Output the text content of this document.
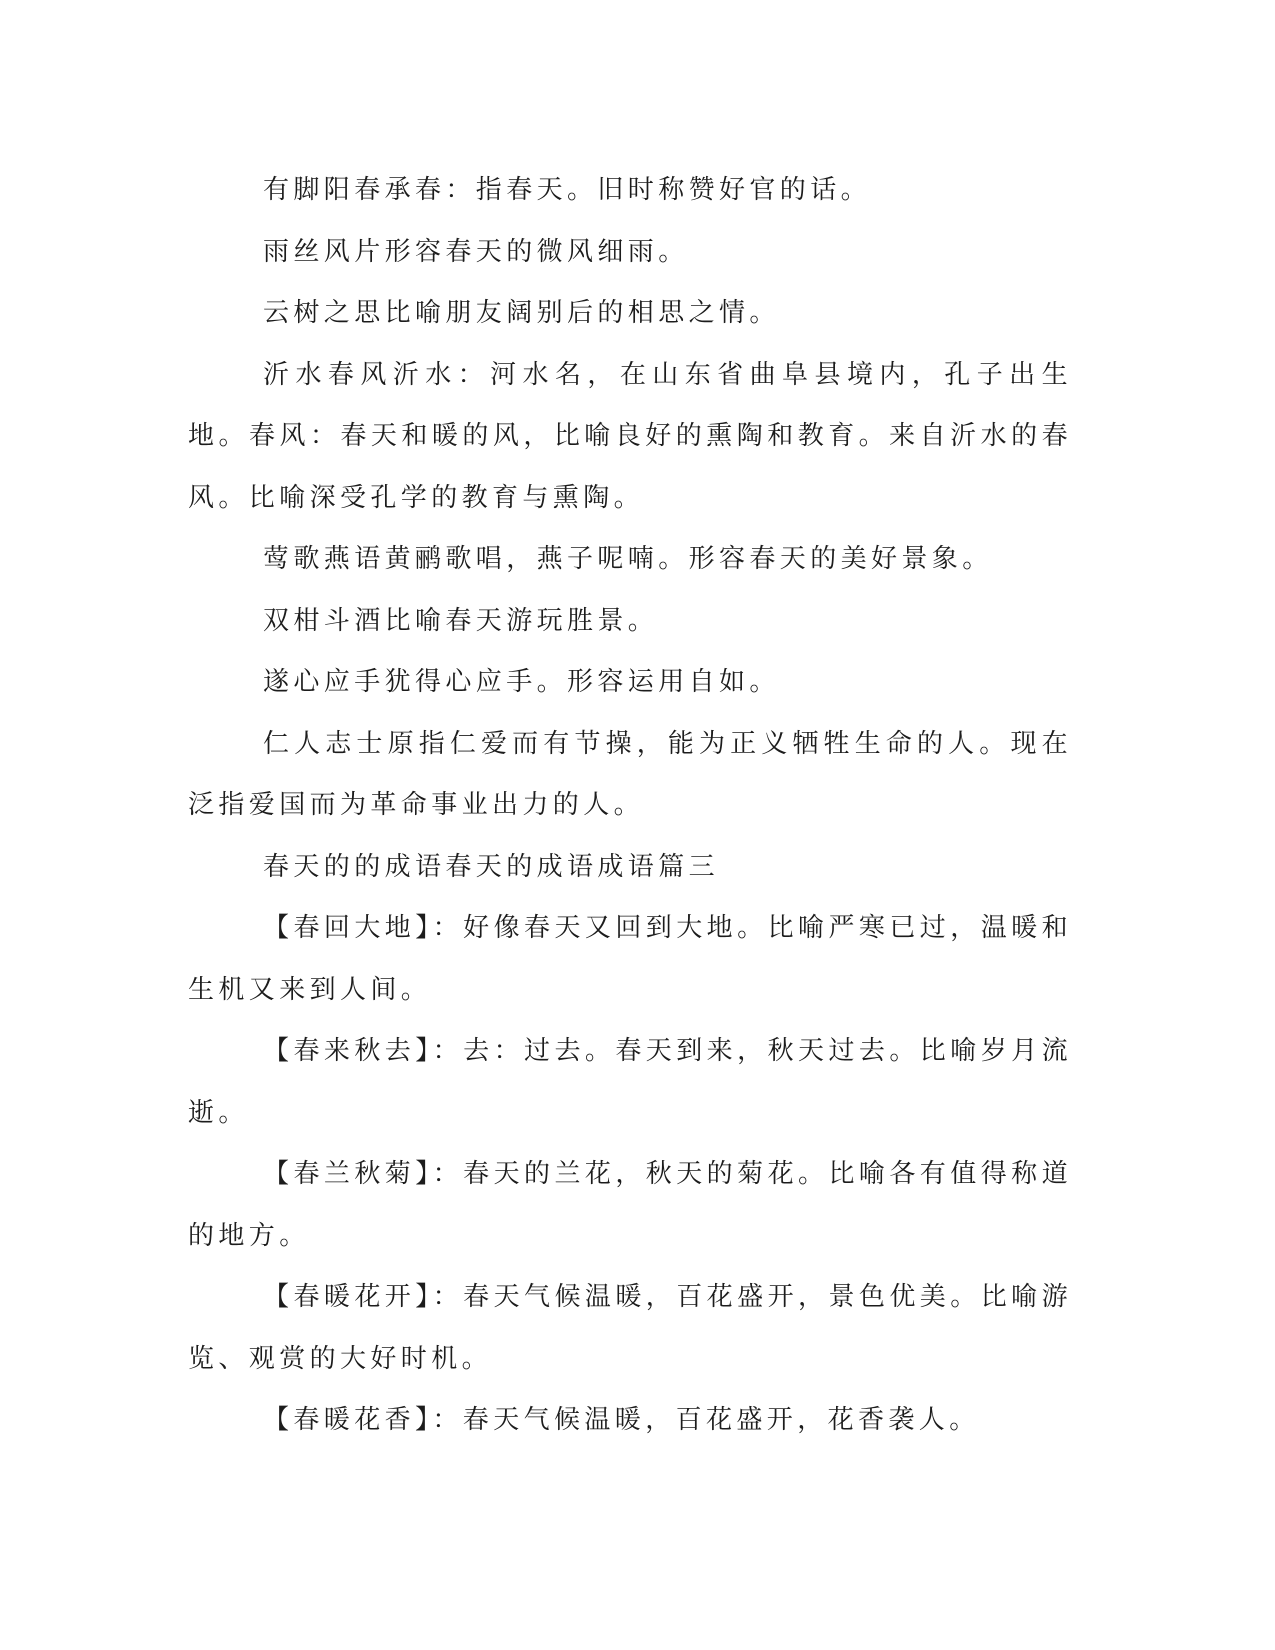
有脚阳春承春：指春天。旧时称赞好官的话。

雨丝风片形容春天的微风细雨。

云树之思比喻朋友阔别后的相思之情。

沂水春风沂水：河水名，在山东省曲阜县境内，孔子出生地。春风：春天和暖的风，比喻良好的熏陶和教育。来自沂水的春风。比喻深受孔学的教育与熏陶。

莺歌燕语黄鹂歌唱，燕子呢喃。形容春天的美好景象。

双柑斗酒比喻春天游玩胜景。

遂心应手犹得心应手。形容运用自如。

仁人志士原指仁爱而有节操，能为正义牺牲生命的人。现在泛指爱国而为革命事业出力的人。

春天的的成语春天的成语成语篇三

【春回大地】：好像春天又回到大地。比喻严寒已过，温暖和生机又来到人间。

【春来秋去】：去：过去。春天到来，秋天过去。比喻岁月流逝。

【春兰秋菊】：春天的兰花，秋天的菊花。比喻各有值得称道的地方。

【春暖花开】：春天气候温暖，百花盛开，景色优美。比喻游览、观赏的大好时机。

【春暖花香】：春天气候温暖，百花盛开，花香袭人。
